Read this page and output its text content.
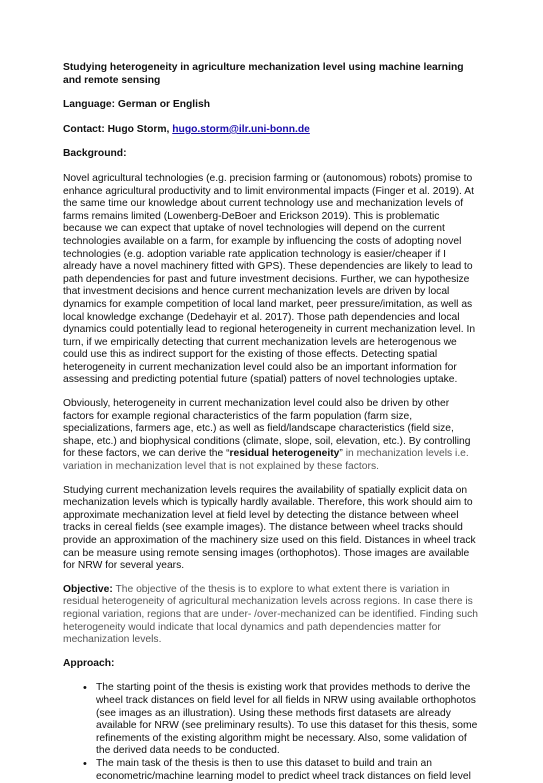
Studying heterogeneity in agriculture mechanization level using machine learning and remote sensing
Language: German or English
Contact: Hugo Storm, hugo.storm@ilr.uni-bonn.de
Background:

Novel agricultural technologies (e.g. precision farming or (autonomous) robots) promise to enhance agricultural productivity and to limit environmental impacts (Finger et al. 2019). At the same time our knowledge about current technology use and mechanization levels of farms remains limited (Lowenberg-DeBoer and Erickson 2019). This is problematic because we can expect that uptake of novel technologies will depend on the current technologies available on a farm, for example by influencing the costs of adopting novel technologies (e.g. adoption variable rate application technology is easier/cheaper if I already have a novel machinery fitted with GPS). These dependencies are likely to lead to path dependencies for past and future investment decisions. Further, we can hypothesize that investment decisions and hence current mechanization levels are driven by local dynamics for example competition of local land market, peer pressure/imitation, as well as local knowledge exchange (Dedehayir et al. 2017). Those path dependencies and local dynamics could potentially lead to regional heterogeneity in current mechanization level. In turn, if we empirically detecting that current mechanization levels are heterogenous we could use this as indirect support for the existing of those effects. Detecting spatial heterogeneity in current mechanization level could also be an important information for assessing and predicting potential future (spatial) patters of novel technologies uptake.

Obviously, heterogeneity in current mechanization level could also be driven by other factors for example regional characteristics of the farm population (farm size, specializations, farmers age, etc.) as well as field/landscape characteristics (field size, shape, etc.) and biophysical conditions (climate, slope, soil, elevation, etc.). By controlling for these factors, we can derive the “residual heterogeneity” in mechanization levels i.e. variation in mechanization level that is not explained by these factors.

Studying current mechanization levels requires the availability of spatially explicit data on mechanization levels which is typically hardly available. Therefore, this work should aim to approximate mechanization level at field level by detecting the distance between wheel tracks in cereal fields (see example images). The distance between wheel tracks should provide an approximation of the machinery size used on this field. Distances in wheel track can be measure using remote sensing images (orthophotos). Those images are available for NRW for several years.

Objective: The objective of the thesis is to explore to what extent there is variation in residual heterogeneity of agricultural mechanization levels across regions. In case there is regional variation, regions that are under- /over-mechanized can be identified. Finding such heterogeneity would indicate that local dynamics and path dependencies matter for mechanization levels.

Approach:
• The starting point of the thesis is existing work that provides methods to derive the wheel track distances on field level for all fields in NRW using available orthophotos (see images as an illustration). Using these methods first datasets are already available for NRW (see preliminary results). To use this dataset for this thesis, some refinements of the existing algorithm might be necessary. Also, some validation of the derived data needs to be conducted.
• The main task of the thesis is then to use this dataset to build and train an econometric/machine learning model to predict wheel track distances on field level
